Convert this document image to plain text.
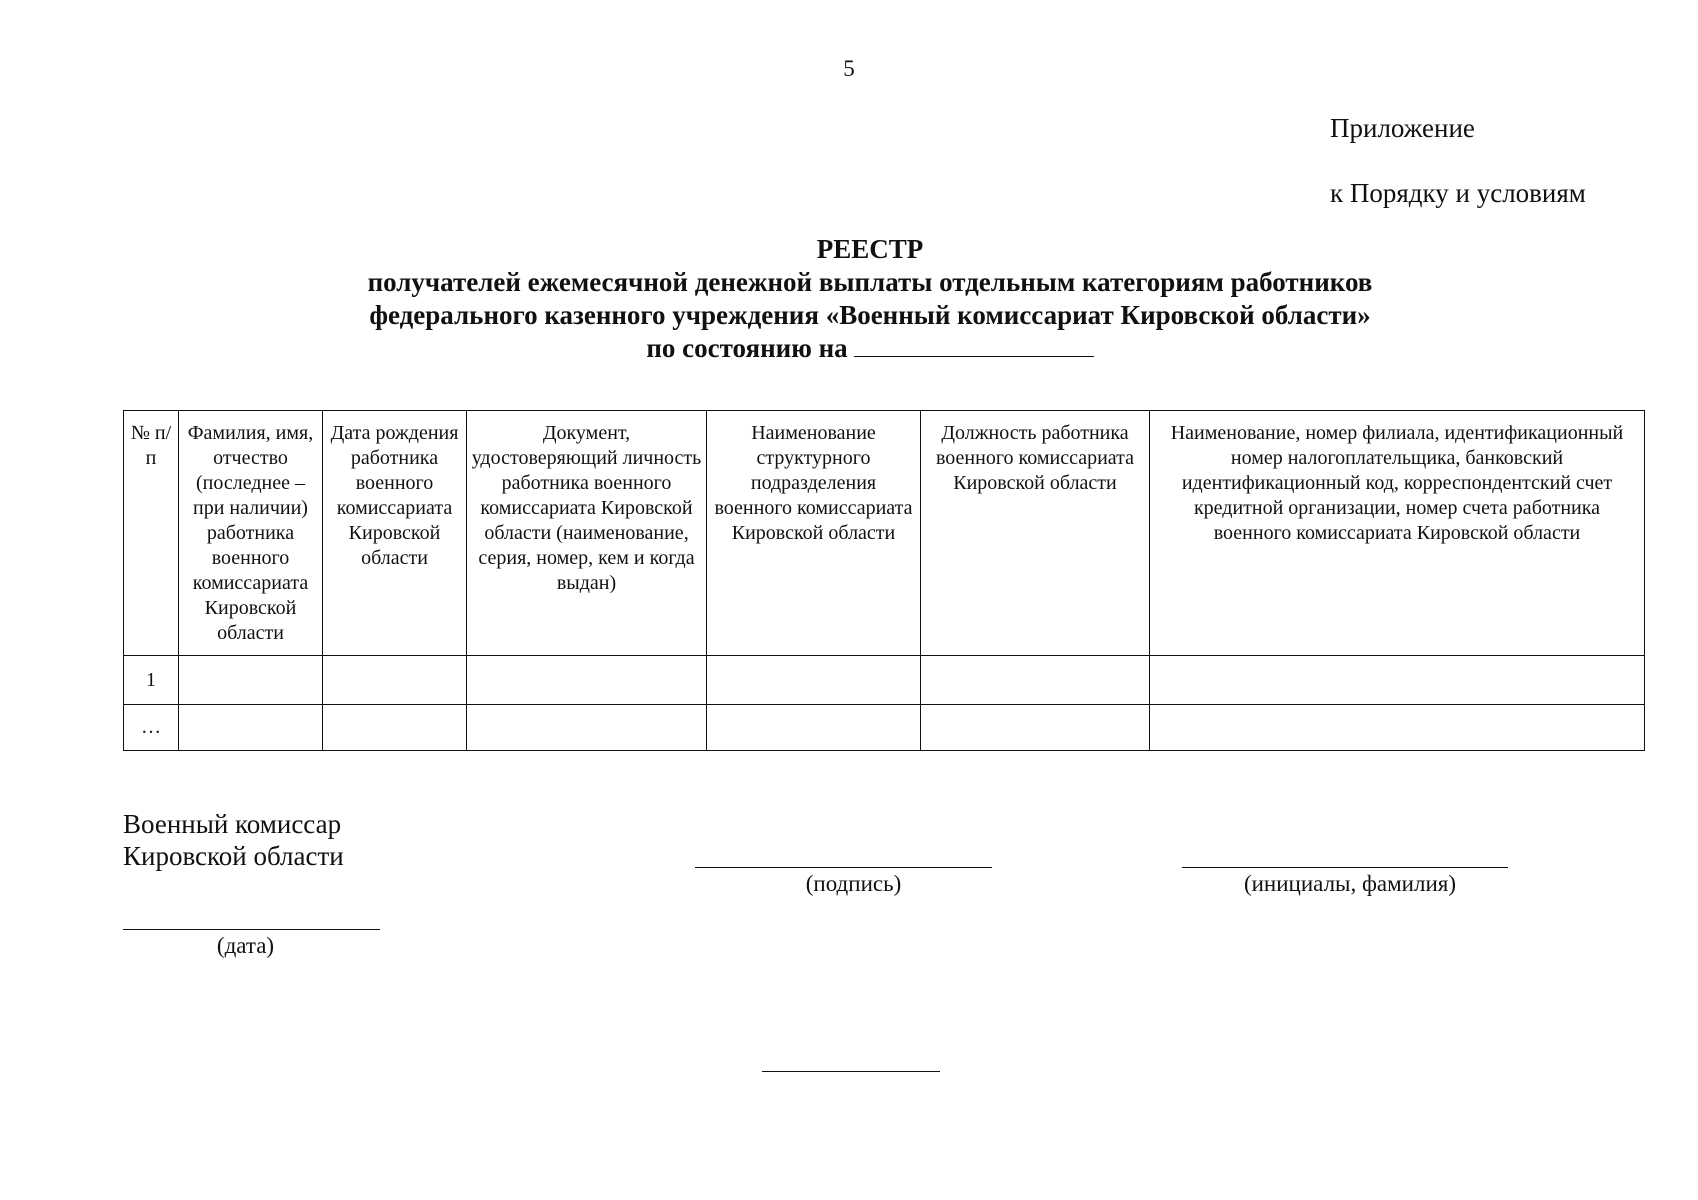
5
Приложение
к Порядку и условиям
РЕЕСТР
получателей ежемесячной денежной выплаты отдельным категориям работников
федерального казенного учреждения «Военный комиссариат Кировской области»
по состоянию на
№ п/п	Фамилия, имя, отчество (последнее – при наличии) работника военного комиссариата Кировской области	Дата рождения работника военного комиссариата Кировской области	Документ, удостоверяющий личность работника военного комиссариата Кировской области (наименование, серия, номер, кем и когда выдан)	Наименование структурного подразделения военного комиссариата Кировской области	Должность работника военного комиссариата Кировской области	Наименование, номер филиала, идентификационный номер налогоплательщика, банковский идентификационный код, корреспондентский счет кредитной организации, номер счета работника военного комиссариата Кировской области
1						
…						
Военный комиссар
Кировской области
(подпись)	(инициалы, фамилия)
(дата)
